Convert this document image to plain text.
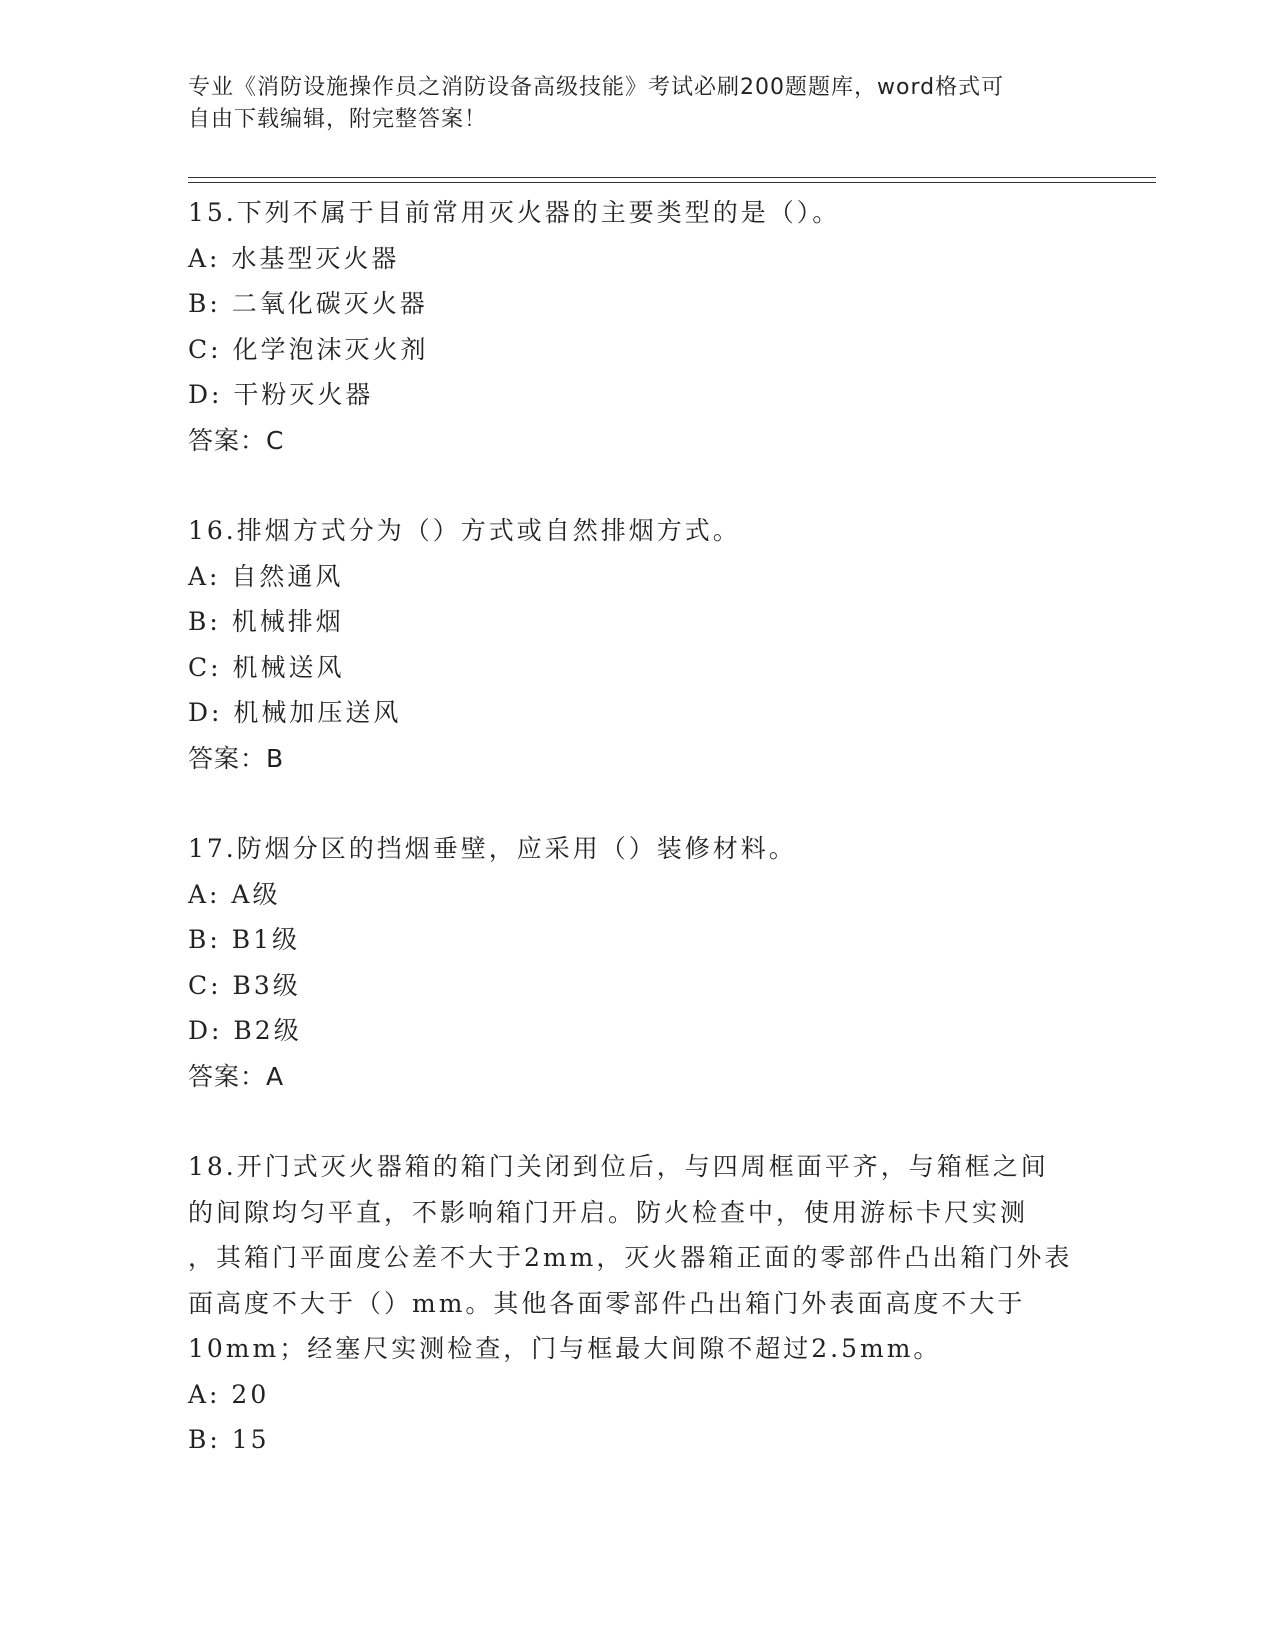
专业《消防设施操作员之消防设备高级技能》考试必刷200题题库，word格式可
自由下载编辑，附完整答案！
15.下列不属于目前常用灭火器的主要类型的是（）。
A: 水基型灭火器
B: 二氧化碳灭火器
C: 化学泡沫灭火剂
D: 干粉灭火器
答案：C
16.排烟方式分为（）方式或自然排烟方式。
A: 自然通风
B: 机械排烟
C: 机械送风
D: 机械加压送风
答案：B
17.防烟分区的挡烟垂壁，应采用（）装修材料。
A: A级
B: B1级
C: B3级
D: B2级
答案：A
18.开门式灭火器箱的箱门关闭到位后，与四周框面平齐，与箱框之间
的间隙均匀平直，不影响箱门开启。防火检查中，使用游标卡尺实测
，其箱门平面度公差不大于2mm，灭火器箱正面的零部件凸出箱门外表
面高度不大于（）mm。其他各面零部件凸出箱门外表面高度不大于
10mm；经塞尺实测检查，门与框最大间隙不超过2.5mm。
A: 20
B: 15
